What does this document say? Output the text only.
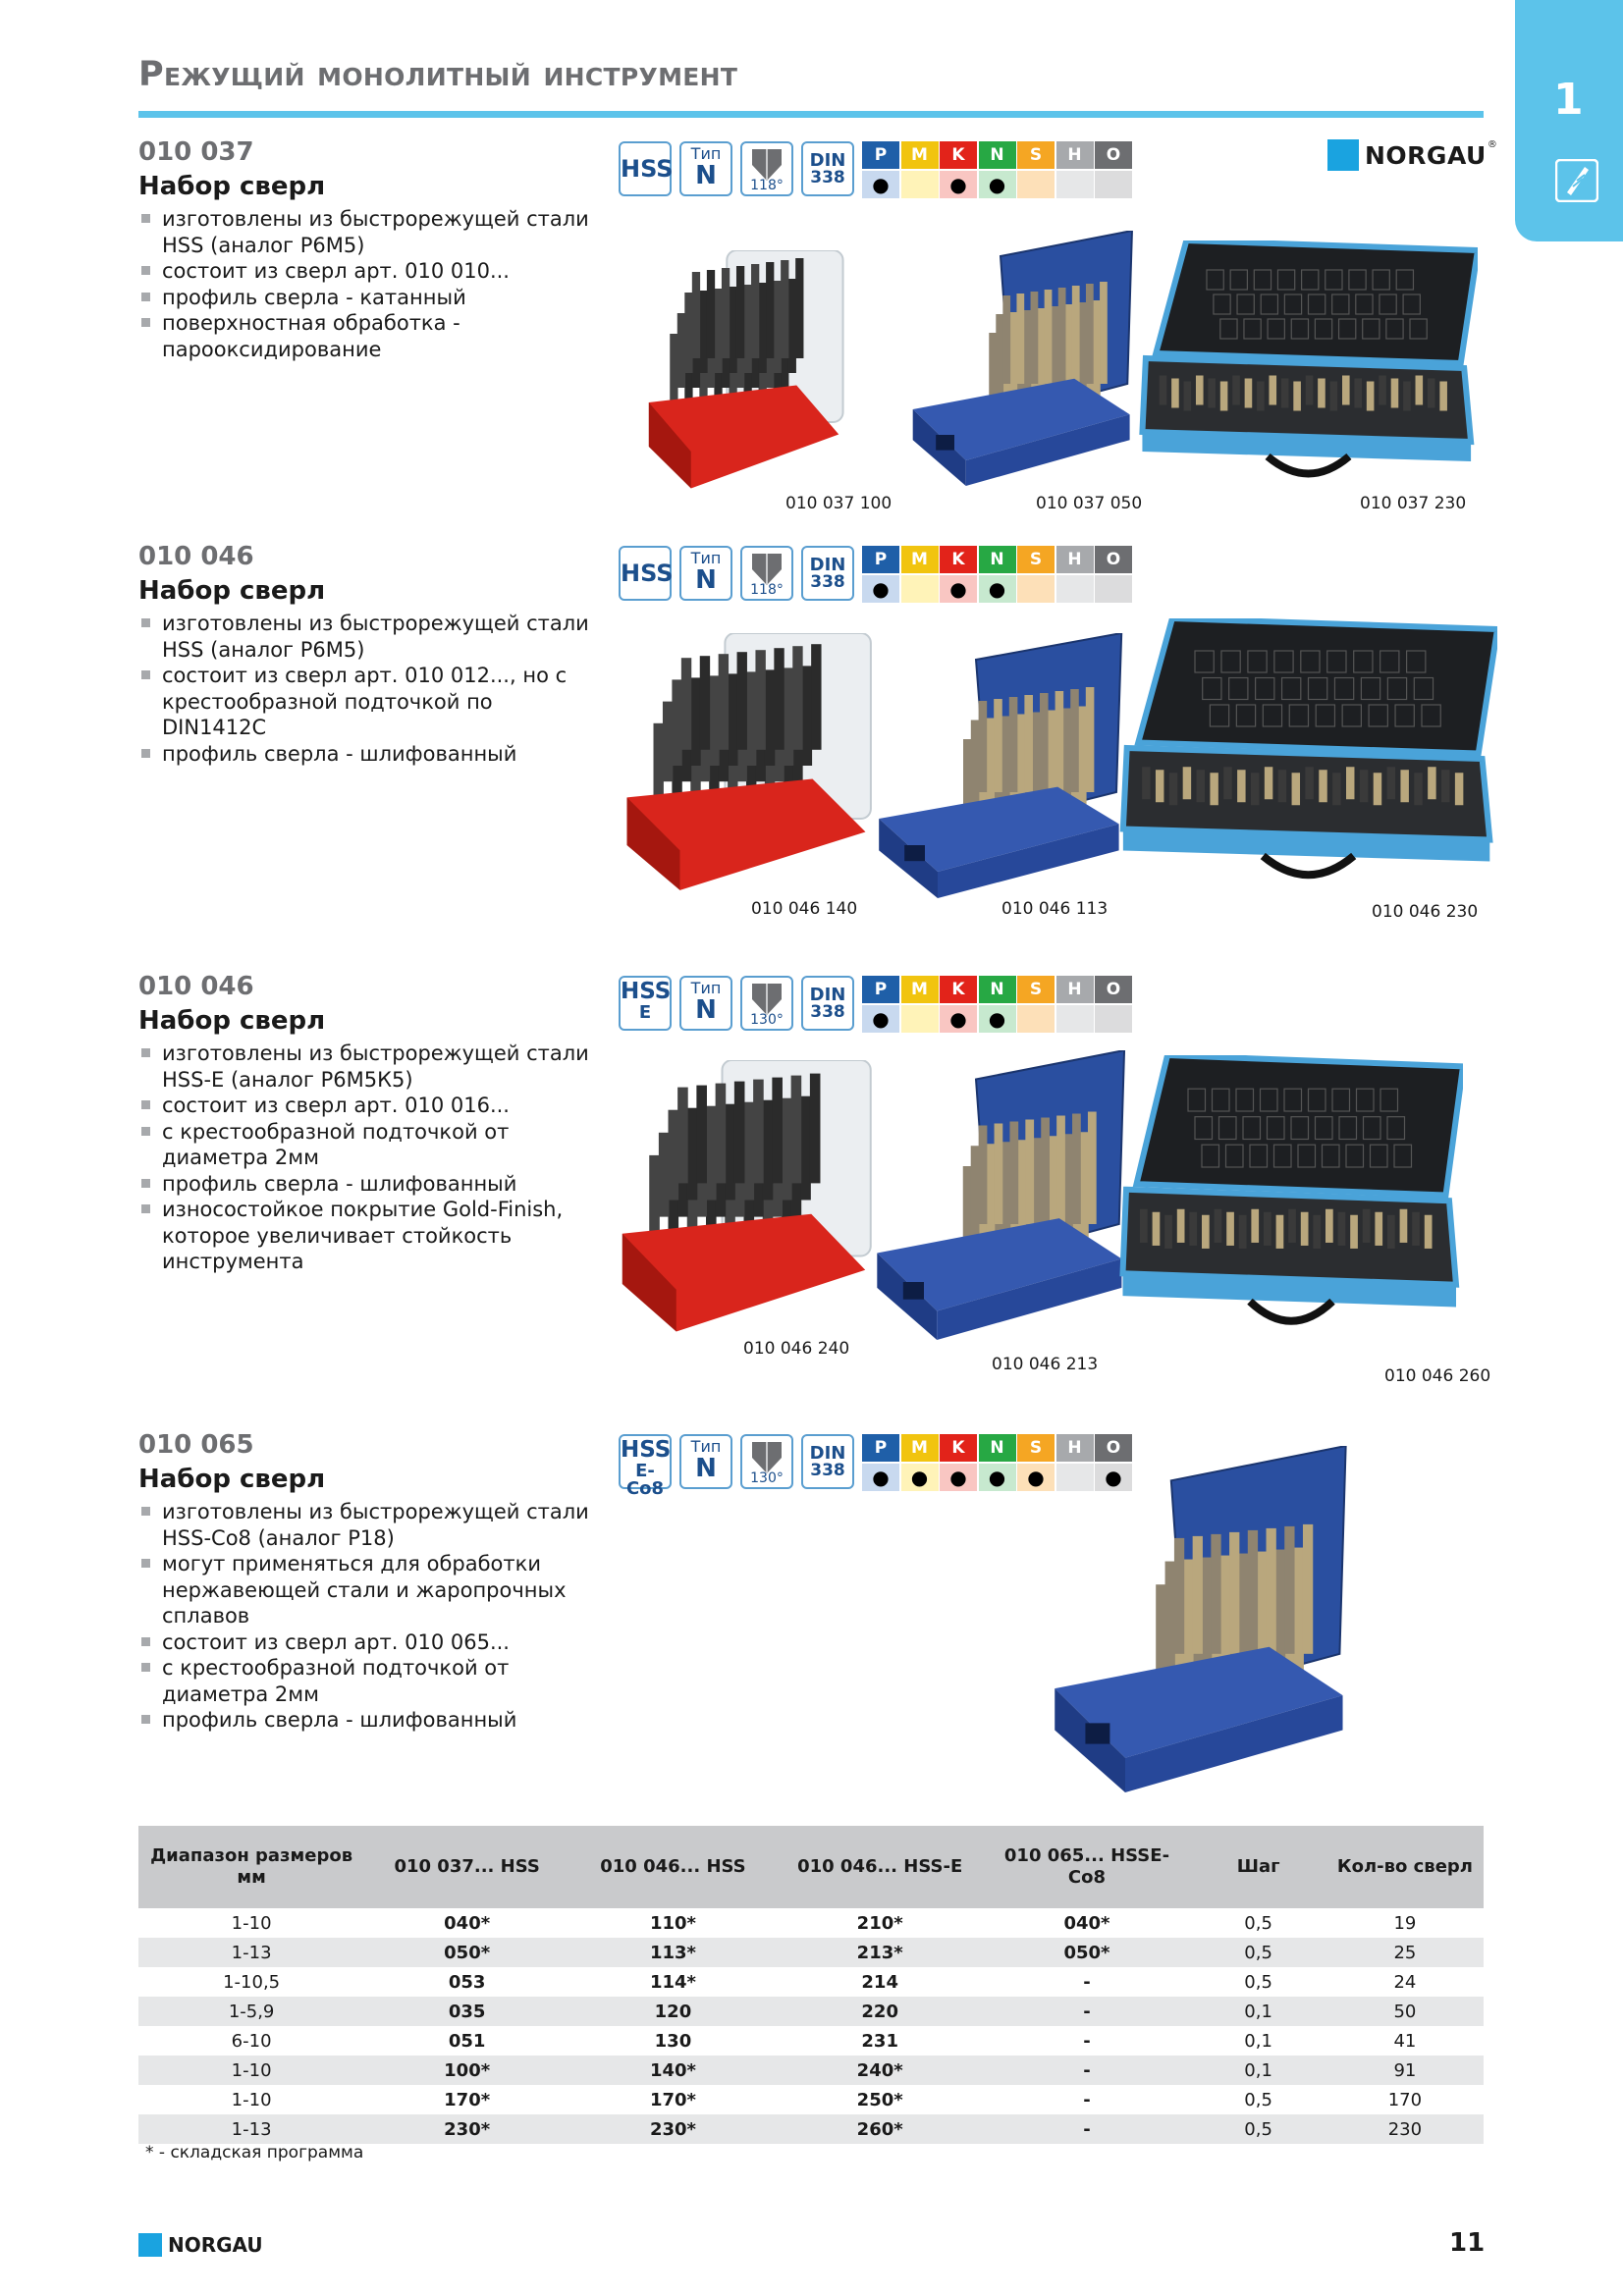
1
Режущий монолитный инструмент
NORGAU®
010 037
Набор сверл
изготовлены из быстрорежущей стали HSS (аналог Р6М5)
состоит из сверл арт. 010 010...
профиль сверла - катанный
поверхностная обработка - парооксидирование
HSS
Тип
N	118°
DIN
338
P
●
M	K
●
N
●
S	H	O
010 037 100	010 037 050	010 037 230
010 046
Набор сверл
изготовлены из быстрорежущей стали HSS (аналог Р6М5)
состоит из сверл арт. 010 012..., но с крестообразной подточкой по DIN1412C
профиль сверла - шлифованный
HSS
Тип
N	118°
DIN
338
P
●
M	K
●
N
●
S	H	O
010 046 140	010 046 113	010 046 230
010 046
Набор сверл
изготовлены из быстрорежущей стали HSS-E (аналог Р6М5К5)
состоит из сверл арт. 010 016...
с крестообразной подточкой от диаметра 2мм
профиль сверла - шлифованный
износостойкое покрытие Gold-Finish, которое увеличивает стойкость инструмента
HSS
E
Тип
N	130°
DIN
338
P
●
M	K
●
N
●
S	H	O
010 046 240
010 046 213
010 046 260
010 065
Набор сверл
изготовлены из быстрорежущей стали HSS-Co8 (аналог Р18)
могут применяться для обработки нержавеющей стали и жаропрочных сплавов
состоит из сверл арт. 010 065...
с крестообразной подточкой от диаметра 2мм
профиль сверла - шлифованный
HSS
E-Co8
Тип
N	130°
DIN
338
P
●
M
●
K
●
N
●
S
●
H	O
●
Диапазон размеров мм	010 037... HSS	010 046... HSS	010 046... HSS-E	010 065... HSSE-Co8	Шаг	Кол-во сверл
1-10	040*	110*	210*	040*	0,5	19
1-13	050*	113*	213*	050*	0,5	25
1-10,5	053	114*	214	-	0,5	24
1-5,9	035	120	220	-	0,1	50
6-10	051	130	231	-	0,1	41
1-10	100*	140*	240*	-	0,1	91
1-10	170*	170*	250*	-	0,5	170
1-13	230*	230*	260*	-	0,5	230
* - складская программа
NORGAU	11
